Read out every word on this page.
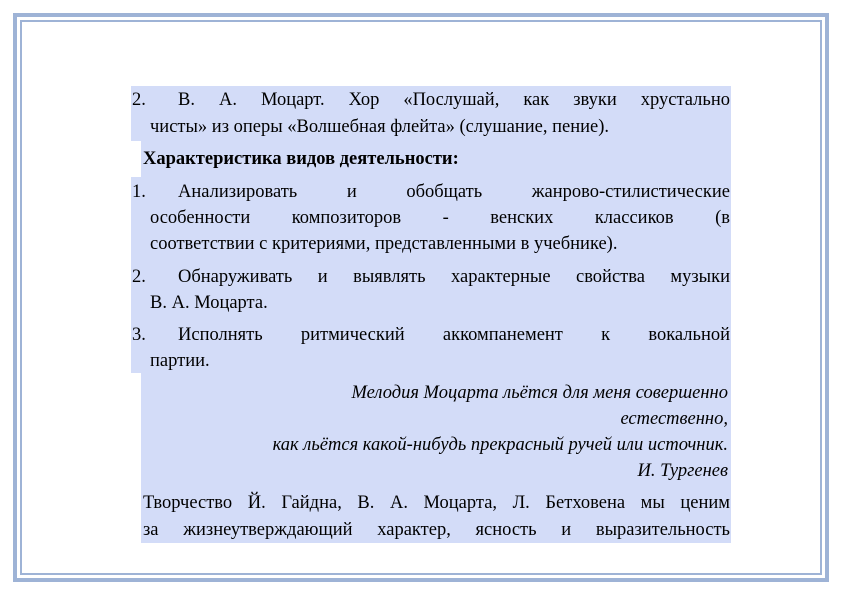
2. В. А. Моцарт. Хор «Послушай, как звуки хрустально
чисты» из оперы «Волшебная флейта» (слушание, пение).
Характеристика видов деятельности:
1. Анализировать и обобщать жанрово-стилистические
особенности композиторов - венских классиков (в
соответствии с критериями, представленными в учебнике).
2. Обнаруживать и выявлять характерные свойства музыки
В. А. Моцарта.
3. Исполнять ритмический аккомпанемент к вокальной
партии.
Мелодия Моцарта льётся для меня совершенно
естественно,
как льётся какой-нибудь прекрасный ручей или источник.
И. Тургенев
Творчество Й. Гайдна, В. А. Моцарта, Л. Бетховена мы ценим
за жизнеутверждающий характер, ясность и выразительность
